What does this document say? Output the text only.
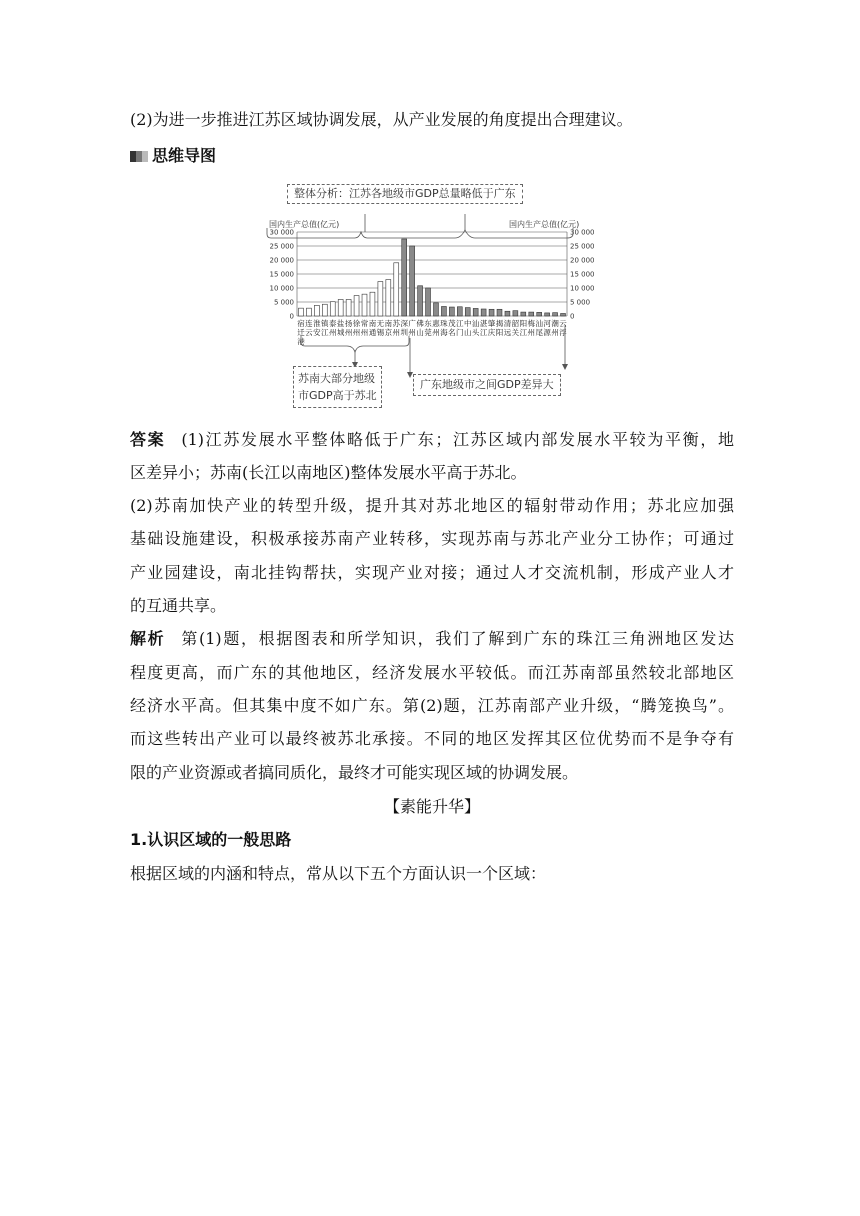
(2)为进一步推进江苏区域协调发展，从产业发展的角度提出合理建议。
思维导图
30 000	30 000
25 000	25 000
20 000	20 000
15 000	15 000
10 000	10 000
5 000	5 000
0	0
宿 连 淮 镇 泰 盐 扬 徐 常 南 无 南 苏 深 广 佛 东 惠 珠 茂 江 中 汕 湛 肇 揭 清 韶 阳 梅 汕 河 潮 云
迁 云 安 江 州 城 州 州 州 通 锡 京 州 圳 州 山 莞 州 海 名 门 山 头 江 庆 阳 远 关 江 州 尾 源 州 浮
港
国内生产总值(亿元)	国内生产总值(亿元)
整体分析：江苏各地级市GDP总量略低于广东
苏南大部分地级
市GDP高于苏北
广东地级市之间GDP差异大
答案 (1)江苏发展水平整体略低于广东；江苏区域内部发展水平较为平衡，地
区差异小；苏南(长江以南地区)整体发展水平高于苏北。
(2)苏南加快产业的转型升级，提升其对苏北地区的辐射带动作用；苏北应加强
基础设施建设，积极承接苏南产业转移，实现苏南与苏北产业分工协作；可通过
产业园建设，南北挂钩帮扶，实现产业对接；通过人才交流机制，形成产业人才
的互通共享。
解析 第(1)题，根据图表和所学知识，我们了解到广东的珠江三角洲地区发达
程度更高，而广东的其他地区，经济发展水平较低。而江苏南部虽然较北部地区
经济水平高。但其集中度不如广东。第(2)题，江苏南部产业升级，“腾笼换鸟”。
而这些转出产业可以最终被苏北承接。不同的地区发挥其区位优势而不是争夺有
限的产业资源或者搞同质化，最终才可能实现区域的协调发展。
【素能升华】
1.认识区域的一般思路
根据区域的内涵和特点，常从以下五个方面认识一个区域：
